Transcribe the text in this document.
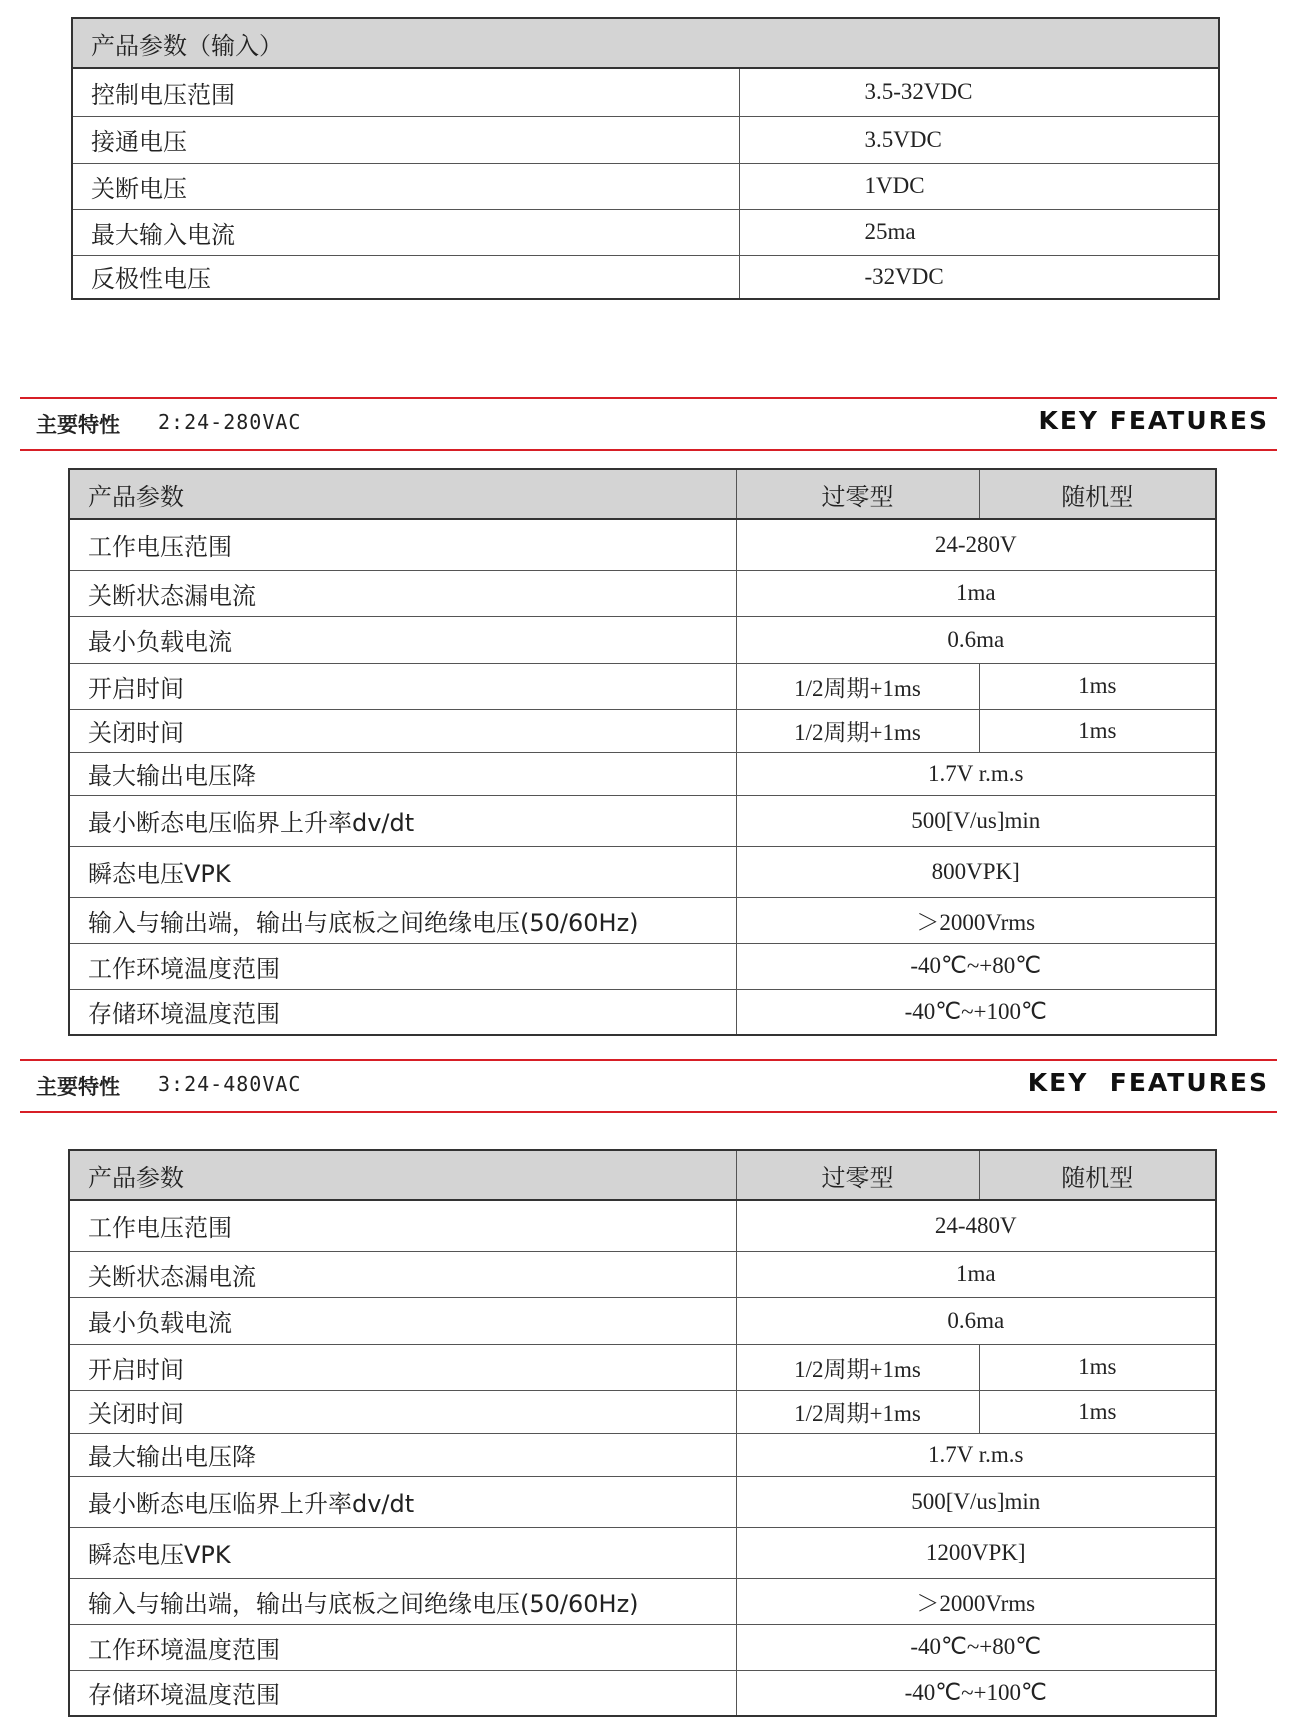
产品参数（输入）	
控制电压范围	3.5-32VDC
接通电压	3.5VDC
关断电压	1VDC
最大输入电流	25ma
反极性电压	-32VDC
主要特性 2:24-280VAC	KEY FEATURES
产品参数	过零型	随机型
工作电压范围	24-280V	
关断状态漏电流	1ma	
最小负载电流	0.6ma	
开启时间	1/2周期+1ms	1ms
关闭时间	1/2周期+1ms	1ms
最大输出电压降	1.7V r.m.s	
最小断态电压临界上升率dv/dt	500[V/us]min	
瞬态电压VPK	800VPK]	
输入与输出端，输出与底板之间绝缘电压(50/60Hz)	＞2000Vrms	
工作环境温度范围	-40℃~+80℃	
存储环境温度范围	-40℃~+100℃	
主要特性 3:24-480VAC	KEY  FEATURES
产品参数	过零型	随机型
工作电压范围	24-480V	
关断状态漏电流	1ma	
最小负载电流	0.6ma	
开启时间	1/2周期+1ms	1ms
关闭时间	1/2周期+1ms	1ms
最大输出电压降	1.7V r.m.s	
最小断态电压临界上升率dv/dt	500[V/us]min	
瞬态电压VPK	1200VPK]	
输入与输出端，输出与底板之间绝缘电压(50/60Hz)	＞2000Vrms	
工作环境温度范围	-40℃~+80℃	
存储环境温度范围	-40℃~+100℃	
